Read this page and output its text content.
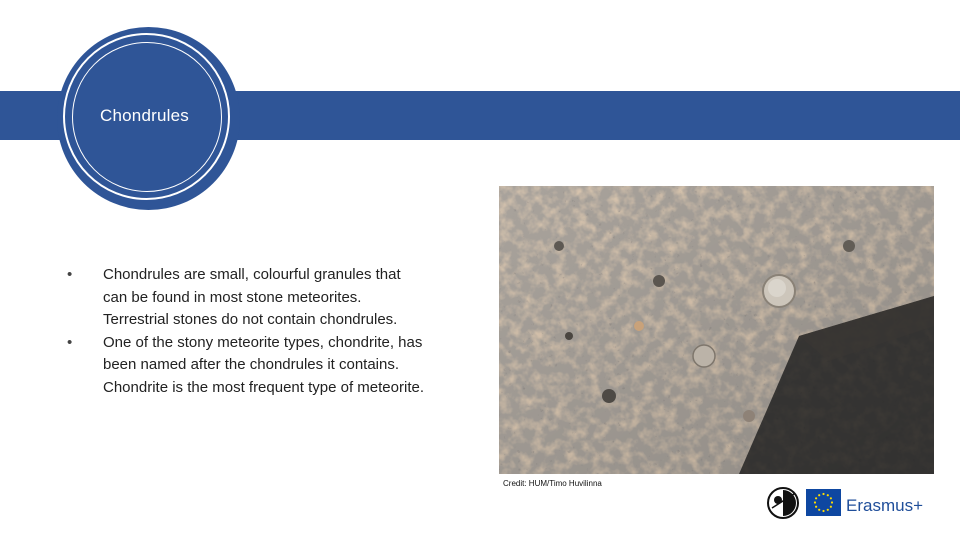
Chondrules
• Chondrules are small, colourful granules that can be found in most stone meteorites. Terrestrial stones do not contain chondrules.
• One of the stony meteorite types, chondrite, has been named after the chondrules it contains. Chondrite is the most frequent type of meteorite.
Credit: HUM/Timo Huvilinna
Erasmus+
